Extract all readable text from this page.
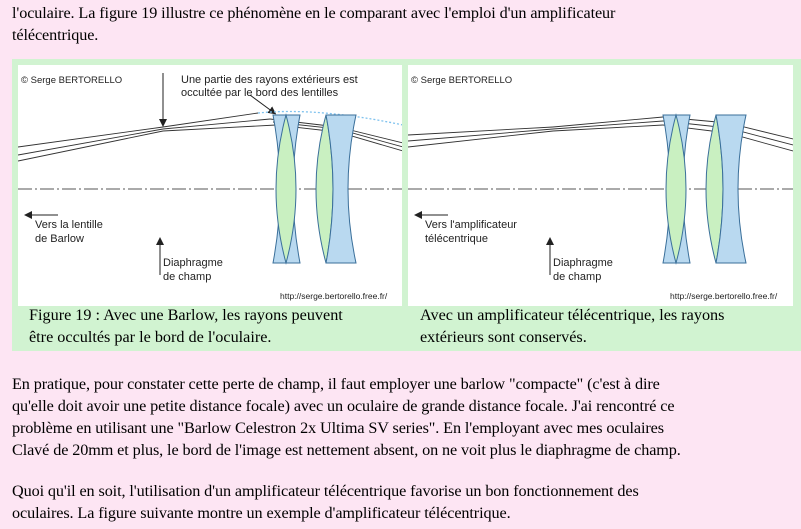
l'oculaire. La figure 19 illustre ce phénomène en le comparant avec l'emploi d'un amplificateur
télécentrique.

© Serge BERTORELLO	Une partie des rayons extérieurs est
occultée par le bord des lentilles
Vers la lentille
de Barlow
Diaphragme
de champ
http://serge.bertorello.free.fr/

Figure 19 : Avec une Barlow, les rayons peuvent
être occultés par le bord de l'oculaire.

© Serge BERTORELLO
Vers l'amplificateur
télécentrique
Diaphragme
de champ
http://serge.bertorello.free.fr/

Avec un amplificateur télécentrique, les rayons
extérieurs sont conservés.

En pratique, pour constater cette perte de champ, il faut employer une barlow "compacte" (c'est à dire
qu'elle doit avoir une petite distance focale) avec un oculaire de grande distance focale. J'ai rencontré ce
problème en utilisant une "Barlow Celestron 2x Ultima SV series". En l'employant avec mes oculaires
Clavé de 20mm et plus, le bord de l'image est nettement absent, on ne voit plus le diaphragme de champ.

Quoi qu'il en soit, l'utilisation d'un amplificateur télécentrique favorise un bon fonctionnement des
oculaires. La figure suivante montre un exemple d'amplificateur télécentrique.
